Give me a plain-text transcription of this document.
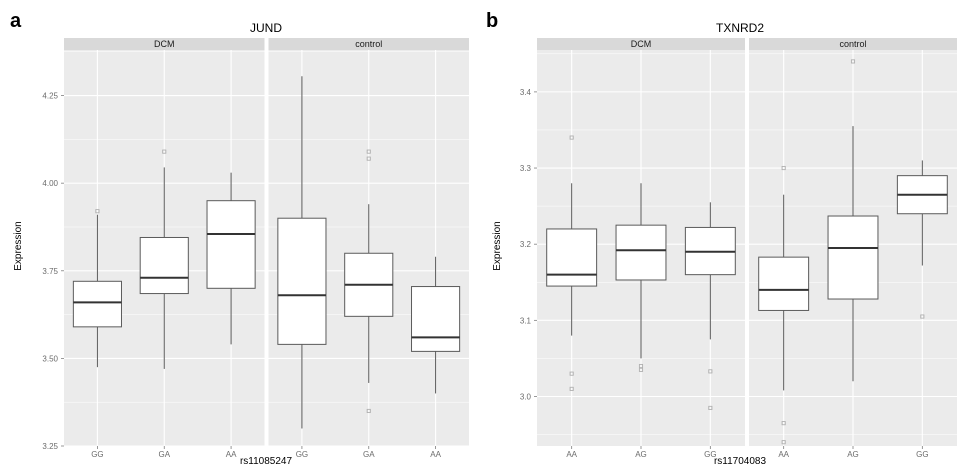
a	JUND
rs11085247
Expression
3.25
3.50
3.75
4.00
4.25
DCM
GG	GA	AA
control
GG	GA	AA
b	TXNRD2
rs11704083
Expression
3.0
3.1
3.2
3.3
3.4
DCM
AA	AG	GG
control
AA	AG	GG
